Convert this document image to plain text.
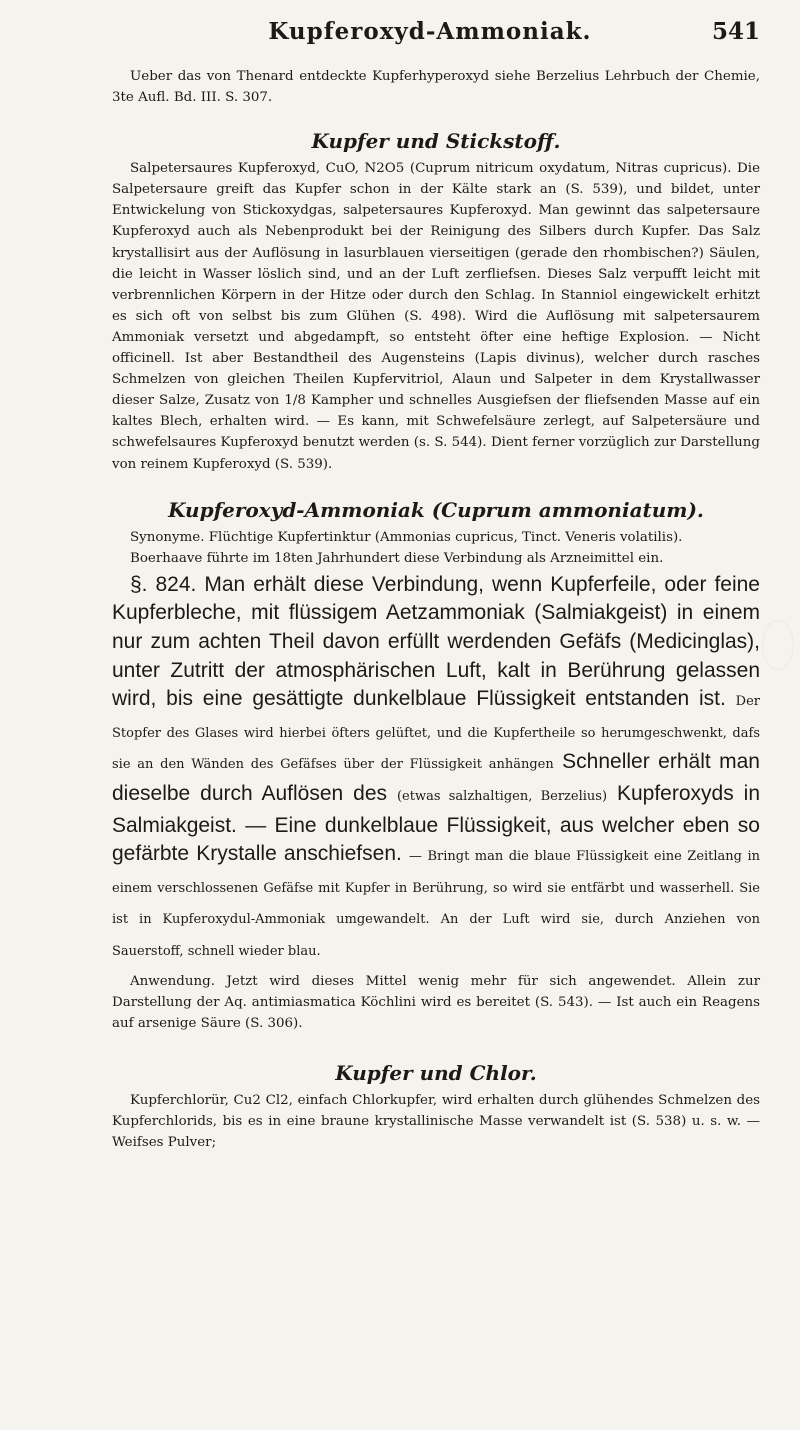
Kupferoxyd-Ammoniak.	541

Ueber das von Thenard entdeckte Kupferhyperoxyd siehe Berzelius Lehrbuch der Chemie, 3te Aufl. Bd. III. S. 307.

Kupfer und Stickstoff.

Salpetersaures Kupferoxyd, CuO, N2O5 (Cuprum nitricum oxydatum, Nitras cupricus). Die Salpetersaure greift das Kupfer schon in der Kälte stark an (S. 539), und bildet, unter Entwickelung von Stickoxydgas, salpetersaures Kupferoxyd. Man gewinnt das salpetersaure Kupferoxyd auch als Nebenprodukt bei der Reinigung des Silbers durch Kupfer. Das Salz krystallisirt aus der Auflösung in lasurblauen vierseitigen (gerade den rhombischen?) Säulen, die leicht in Wasser löslich sind, und an der Luft zerfliefsen. Dieses Salz verpufft leicht mit verbrennlichen Körpern in der Hitze oder durch den Schlag. In Stanniol eingewickelt erhitzt es sich oft von selbst bis zum Glühen (S. 498). Wird die Auflösung mit salpetersaurem Ammoniak versetzt und abgedampft, so entsteht öfter eine heftige Explosion. — Nicht officinell. Ist aber Bestandtheil des Augensteins (Lapis divinus), welcher durch rasches Schmelzen von gleichen Theilen Kupfervitriol, Alaun und Salpeter in dem Krystallwasser dieser Salze, Zusatz von 1/8 Kampher und schnelles Ausgiefsen der fliefsenden Masse auf ein kaltes Blech, erhalten wird. — Es kann, mit Schwefelsäure zerlegt, auf Salpetersäure und schwefelsaures Kupferoxyd benutzt werden (s. S. 544). Dient ferner vorzüglich zur Darstellung von reinem Kupferoxyd (S. 539).

Kupferoxyd-Ammoniak (Cuprum ammoniatum).

Synonyme. Flüchtige Kupfertinktur (Ammonias cupricus, Tinct. Veneris volatilis).

Boerhaave führte im 18ten Jahrhundert diese Verbindung als Arzneimittel ein.

§. 824. Man erhält diese Verbindung, wenn Kupferfeile, oder feine Kupferbleche, mit flüssigem Aetzammoniak (Salmiakgeist) in einem nur zum achten Theil davon erfüllt werdenden Gefäfs (Medicinglas), unter Zutritt der atmosphärischen Luft, kalt in Berührung gelassen wird, bis eine gesättigte dunkelblaue Flüssigkeit entstanden ist. Der Stopfer des Glases wird hierbei öfters gelüftet, und die Kupfertheile so herumgeschwenkt, dafs sie an den Wänden des Gefäfses über der Flüssigkeit anhängen Schneller erhält man dieselbe durch Auflösen des (etwas salzhaltigen, Berzelius) Kupferoxyds in Salmiakgeist. — Eine dunkelblaue Flüssigkeit, aus welcher eben so gefärbte Krystalle anschiefsen. — Bringt man die blaue Flüssigkeit eine Zeitlang in einem verschlossenen Gefäfse mit Kupfer in Berührung, so wird sie entfärbt und wasserhell. Sie ist in Kupferoxydul-Ammoniak umgewandelt. An der Luft wird sie, durch Anziehen von Sauerstoff, schnell wieder blau.

Anwendung. Jetzt wird dieses Mittel wenig mehr für sich angewendet. Allein zur Darstellung der Aq. antimiasmatica Köchlini wird es bereitet (S. 543). — Ist auch ein Reagens auf arsenige Säure (S. 306).

Kupfer und Chlor.

Kupferchlorür, Cu2 Cl2, einfach Chlorkupfer, wird erhalten durch glühendes Schmelzen des Kupferchlorids, bis es in eine braune krystallinische Masse verwandelt ist (S. 538) u. s. w. — Weifses Pulver;
